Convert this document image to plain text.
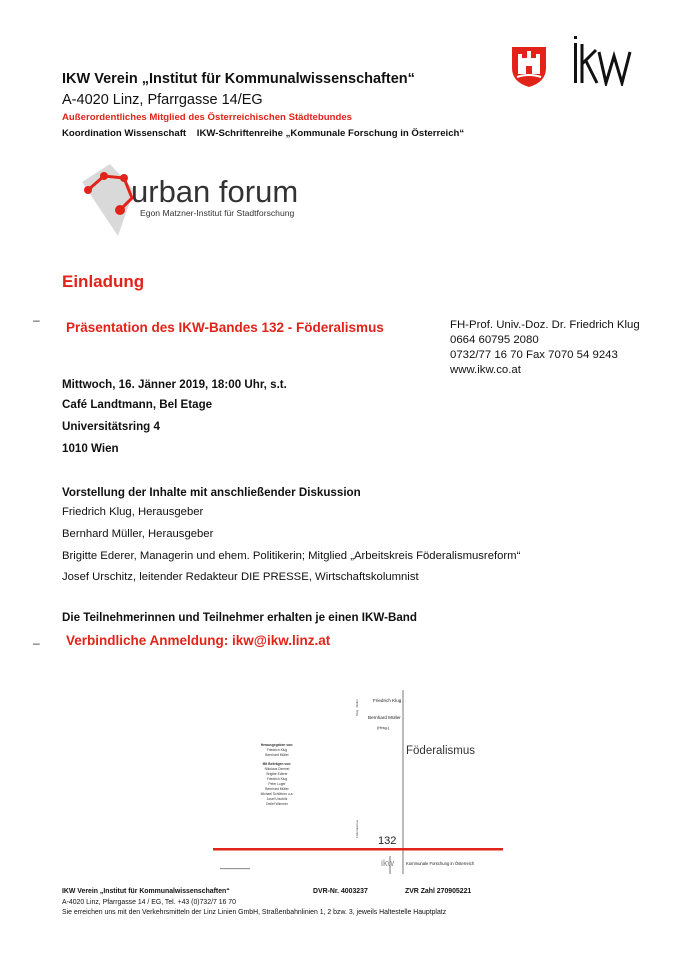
IKW Verein „Institut für Kommunalwissenschaften“
A-4020 Linz, Pfarrgasse 14/EG
Außerordentliches Mitglied des Österreichischen Städtebundes
Koordination Wissenschaft IKW-Schriftenreihe „Kommunale Forschung in Österreich“
urban forum
Egon Matzner-Institut für Stadtforschung
Einladung
– Präsentation des IKW-Bandes 132 - Föderalismus	FH-Prof. Univ.-Doz. Dr. Friedrich Klug
0664 60795 2080
0732/77 16 70 Fax 7070 54 9243
www.ikw.co.at
Mittwoch, 16. Jänner 2019, 18:00 Uhr, s.t.
Café Landtmann, Bel Etage
Universitätsring 4
1010 Wien
Vorstellung der Inhalte mit anschließender Diskussion
Friedrich Klug, Herausgeber
Bernhard Müller, Herausgeber
Brigitte Ederer, Managerin und ehem. Politikerin; Mitglied „Arbeitskreis Föderalismusreform“
Josef Urschitz, leitender Redakteur DIE PRESSE, Wirtschaftskolumnist
Die Teilnehmerinnen und Teilnehmer erhalten je einen IKW-Band
– Verbindliche Anmeldung: ikw@ikw.linz.at
Friedrich Klug
Bernhard Müller
(Hrsg.)
Klug · Müller
Föderalismus
Föderalismus
132
ikw	Kommunale Forschung in Österreich
Herausgegeben von:
Friedrich Klug
Bernhard Müller
Mit Beiträgen von:
Nikolaus Dimmel
Brigitte Ederer
Friedrich Klug
Peter Luger
Bernhard Müller
Michael Schöttner u.a.
Josef Urschitz
Detlef Wimmer
IKW Verein „Institut für Kommunalwissenschaften“	DVR-Nr. 4003237	ZVR Zahl 270905221
A-4020 Linz, Pfarrgasse 14 / EG, Tel. +43 (0)732/7 16 70
Sie erreichen uns mit den Verkehrsmitteln der Linz Linien GmbH, Straßenbahnlinien 1, 2 bzw. 3, jeweils Haltestelle Hauptplatz
